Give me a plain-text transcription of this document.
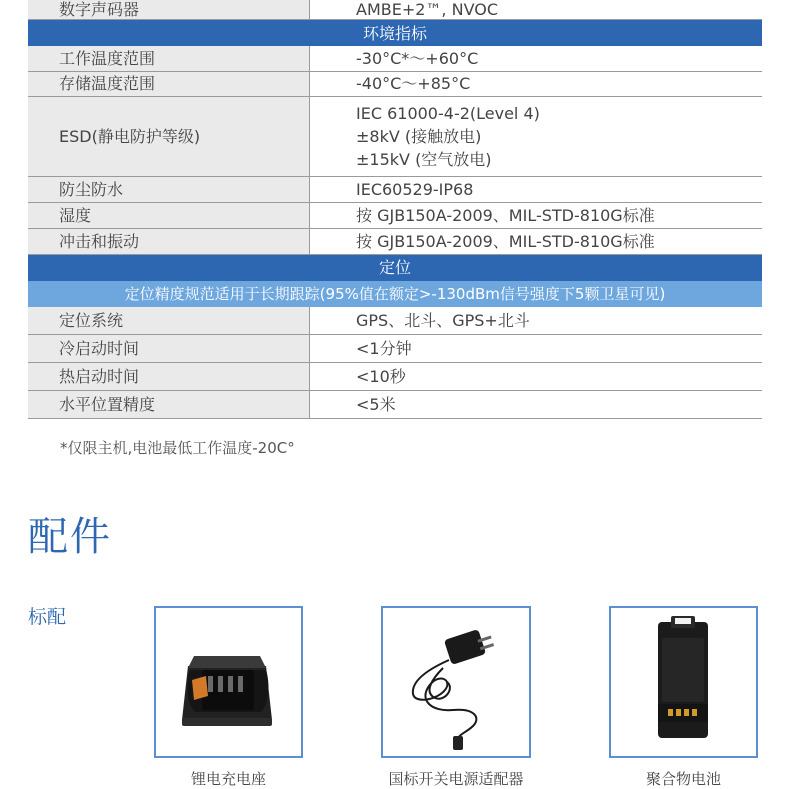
数字声码器	AMBE+2™, NVOC
环境指标	
工作温度范围	-30°C*～+60°C
存储温度范围	-40°C～+85°C
ESD(静电防护等级)	IEC 61000-4-2(Level 4)
±8kV (接触放电)
±15kV (空气放电)

防尘防水	IEC60529-IP68
湿度	按 GJB150A-2009、MIL-STD-810G标准
冲击和振动	按 GJB150A-2009、MIL-STD-810G标准
定位	
定位精度规范适用于长期跟踪(95%值在额定>-130dBm信号强度下5颗卫星可见)	
定位系统	GPS、北斗、GPS+北斗
冷启动时间	<1分钟
热启动时间	<10秒
水平位置精度	<5米
*仅限主机,电池最低工作温度-20C°
配件
标配
锂电充电座	国标开关电源适配器	聚合物电池
